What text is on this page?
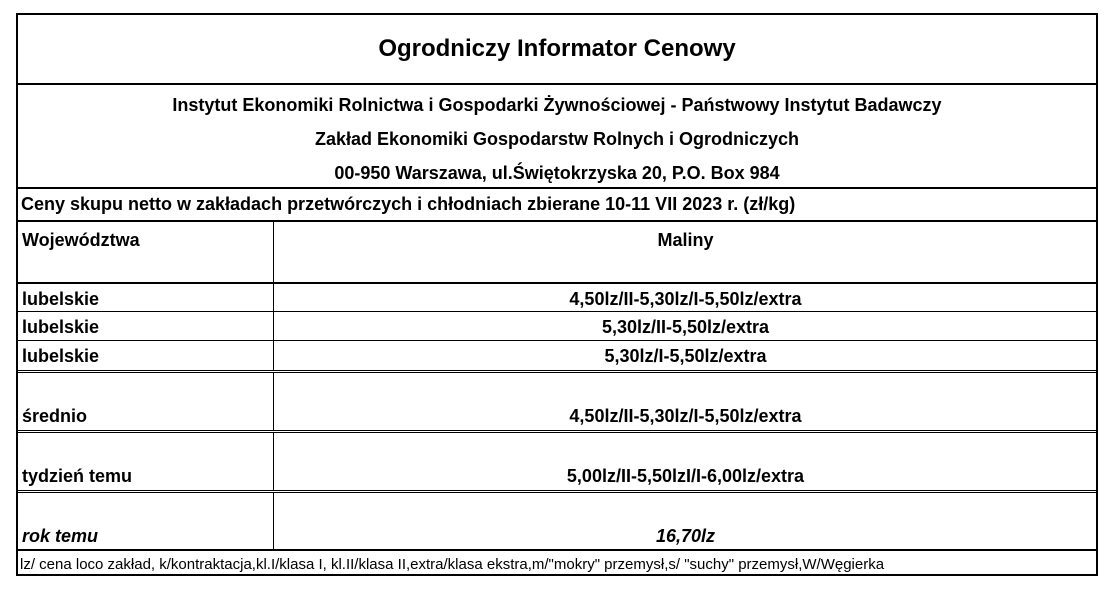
Ogrodniczy Informator Cenowy
Instytut Ekonomiki Rolnictwa i Gospodarki Żywnościowej - Państwowy Instytut Badawczy
Zakład Ekonomiki Gospodarstw Rolnych i Ogrodniczych
00-950 Warszawa, ul.Świętokrzyska 20, P.O. Box 984
Ceny skupu netto w zakładach przetwórczych i chłodniach zbierane 10-11 VII 2023 r. (zł/kg)
Województwa	Maliny
lubelskie	4,50lz/II-5,30lz/I-5,50lz/extra
lubelskie	5,30lz/II-5,50lz/extra
lubelskie	5,30lz/I-5,50lz/extra
średnio	4,50lz/II-5,30lz/I-5,50lz/extra
tydzień temu	5,00lz/II-5,50lzI/I-6,00lz/extra
rok temu	16,70lz
lz/ cena loco zakład, k/kontraktacja,kl.I/klasa I, kl.II/klasa II,extra/klasa ekstra,m/"mokry" przemysł,s/ "suchy" przemysł,W/Węgierka
